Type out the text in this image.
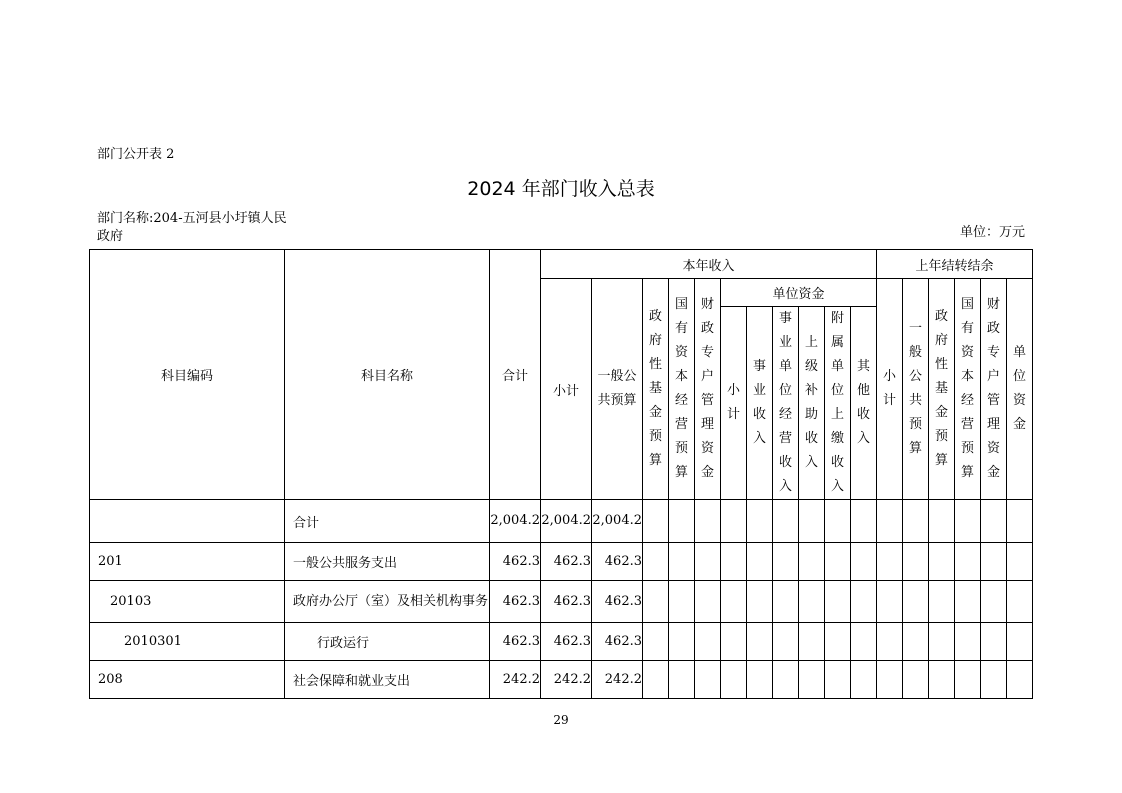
部门公开表 2
2024 年部门收入总表
部门名称:204-五河县小圩镇人民政府	单位：万元
科目编码	科目名称	合计	本年收入											上年结转结余					
			小计	一般公共预算	政府性基金预算	国有资本经营预算	财政专户管理资金	单位资金						小计	一般公共预算	政府性基金预算	国有资本经营预算	财政专户管理资金	单位资金
								小计	事业收入	事业单位经营收入	上级补助收入	附属单位上缴收入	其他收入						
	合计	2,004.2	2,004.2	2,004.2															
201	一般公共服务支出	462.3	462.3	462.3															
20103	政府办公厅（室）及相关机构事务	462.3	462.3	462.3															
2010301	行政运行	462.3	462.3	462.3															
208	社会保障和就业支出	242.2	242.2	242.2															
29
